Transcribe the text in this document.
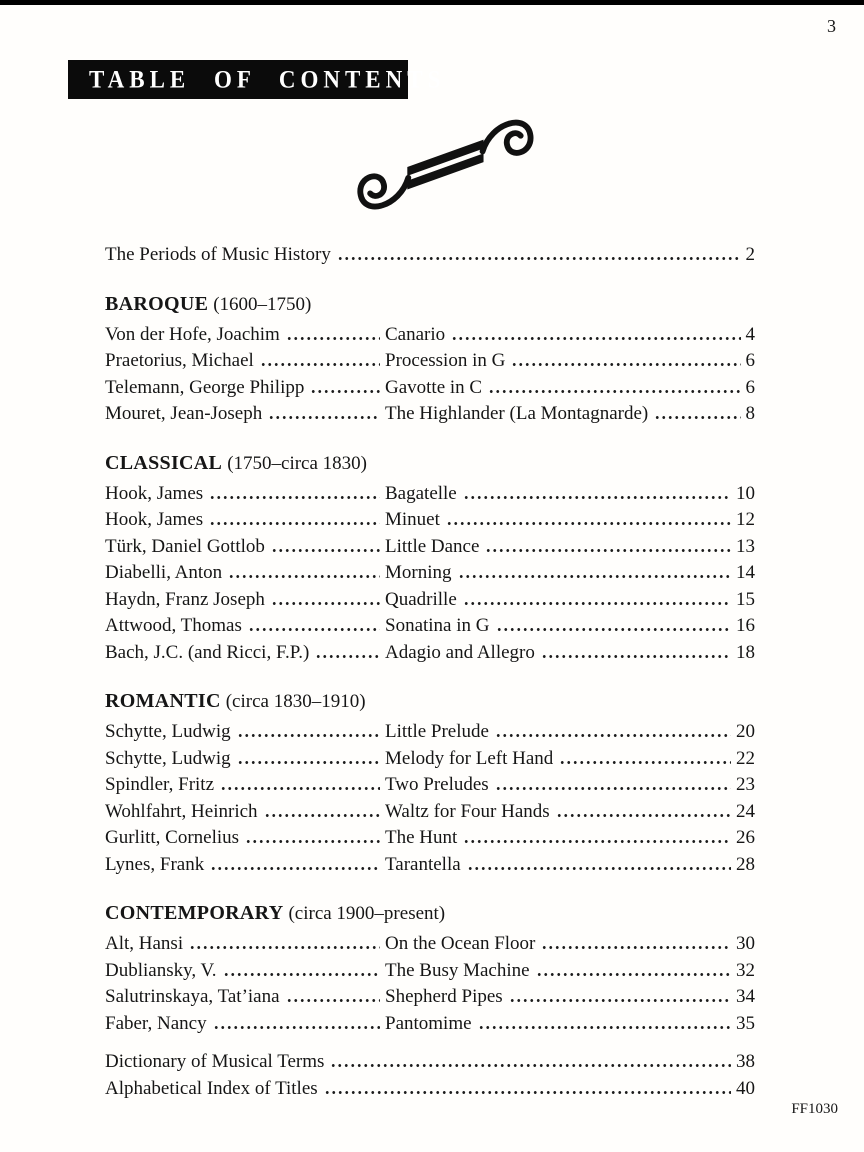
3
TABLE OF CONTENTS
The Periods of Music History	2
BAROQUE (1600–1750)
Von der Hofe, Joachim	Canario	4
Praetorius, Michael	Procession in G	6
Telemann, George Philipp	Gavotte in C	6
Mouret, Jean-Joseph	The Highlander (La Montagnarde)	8
CLASSICAL (1750–circa 1830)
Hook, James	Bagatelle	10
Hook, James	Minuet	12
Türk, Daniel Gottlob	Little Dance	13
Diabelli, Anton	Morning	14
Haydn, Franz Joseph	Quadrille	15
Attwood, Thomas	Sonatina in G	16
Bach, J.C. (and Ricci, F.P.)	Adagio and Allegro	18
ROMANTIC (circa 1830–1910)
Schytte, Ludwig	Little Prelude	20
Schytte, Ludwig	Melody for Left Hand	22
Spindler, Fritz	Two Preludes	23
Wohlfahrt, Heinrich	Waltz for Four Hands	24
Gurlitt, Cornelius	The Hunt	26
Lynes, Frank	Tarantella	28
CONTEMPORARY (circa 1900–present)
Alt, Hansi	On the Ocean Floor	30
Dubliansky, V.	The Busy Machine	32
Salutrinskaya, Tat’iana	Shepherd Pipes	34
Faber, Nancy	Pantomime	35
Dictionary of Musical Terms	38
Alphabetical Index of Titles	40
FF1030
